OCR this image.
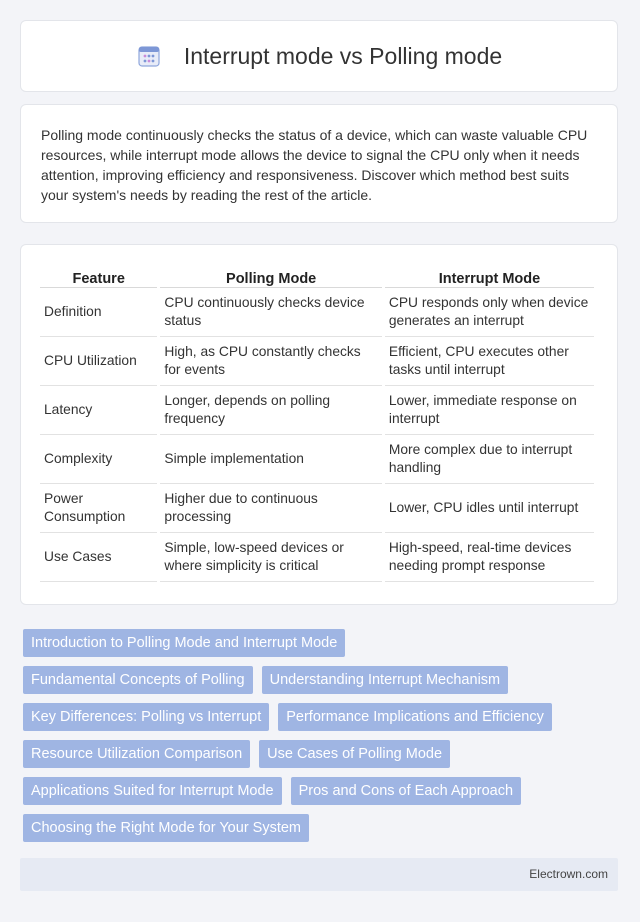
Interrupt mode vs Polling mode

Polling mode continuously checks the status of a device, which can waste valuable CPU resources, while interrupt mode allows the device to signal the CPU only when it needs attention, improving efficiency and responsiveness. Discover which method best suits your system's needs by reading the rest of the article.

Feature	Polling Mode	Interrupt Mode
Definition	CPU continuously checks device status	CPU responds only when device generates an interrupt
CPU Utilization	High, as CPU constantly checks for events	Efficient, CPU executes other tasks until interrupt
Latency	Longer, depends on polling frequency	Lower, immediate response on interrupt
Complexity	Simple implementation	More complex due to interrupt handling
Power Consumption	Higher due to continuous processing	Lower, CPU idles until interrupt
Use Cases	Simple, low-speed devices or where simplicity is critical	High-speed, real-time devices needing prompt response
Introduction to Polling Mode and Interrupt Mode
Fundamental Concepts of Polling	Understanding Interrupt Mechanism
Key Differences: Polling vs Interrupt	Performance Implications and Efficiency
Resource Utilization Comparison	Use Cases of Polling Mode
Applications Suited for Interrupt Mode	Pros and Cons of Each Approach
Choosing the Right Mode for Your System
Electrown.com
